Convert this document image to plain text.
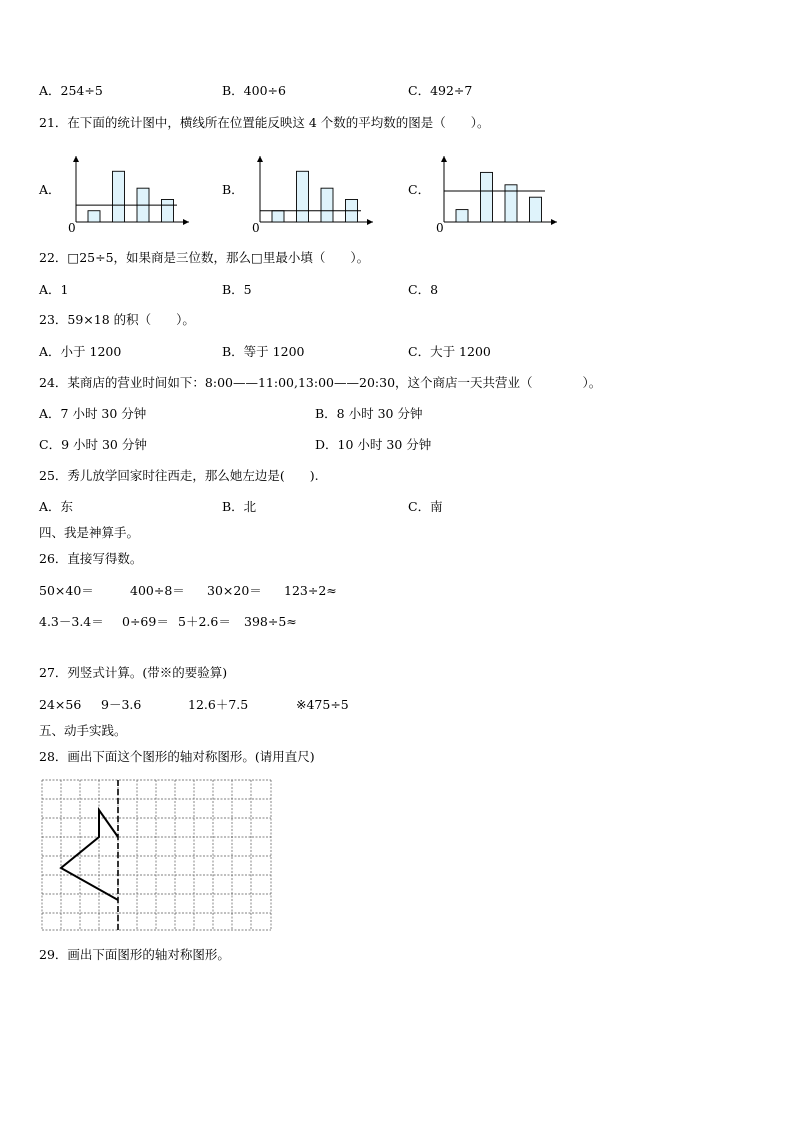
A．254÷5	B．400÷6	C．492÷7
21．在下面的统计图中，横线所在位置能反映这 4 个数的平均数的图是（　　）。
A．	B．	C．
0	0	0
22．□25÷5，如果商是三位数，那么□里最小填（　　）。
A．1	B．5	C．8
23．59×18 的积（　　）。
A．小于 1200	B．等于 1200	C．大于 1200
24．某商店的营业时间如下：8:00——11:00,13:00——20:30，这个商店一天共营业（　　　　）。
A．7 小时 30 分钟	B．8 小时 30 分钟
C．9 小时 30 分钟	D．10 小时 30 分钟
25．秀儿放学回家时往西走，那么她左边是(　　).
A．东	B．北	C．南
四、我是神算手。
26．直接写得数。
50×40＝	400÷8＝ 30×20＝ 123÷2≈
4.3－3.4＝ 0÷69＝ 5＋2.6＝ 398÷5≈
27．列竖式计算。(带※的要验算)
24×56 9－3.6	12.6＋7.5	※475÷5
五、动手实践。
28．画出下面这个图形的轴对称图形。(请用直尺)
29．画出下面图形的轴对称图形。
